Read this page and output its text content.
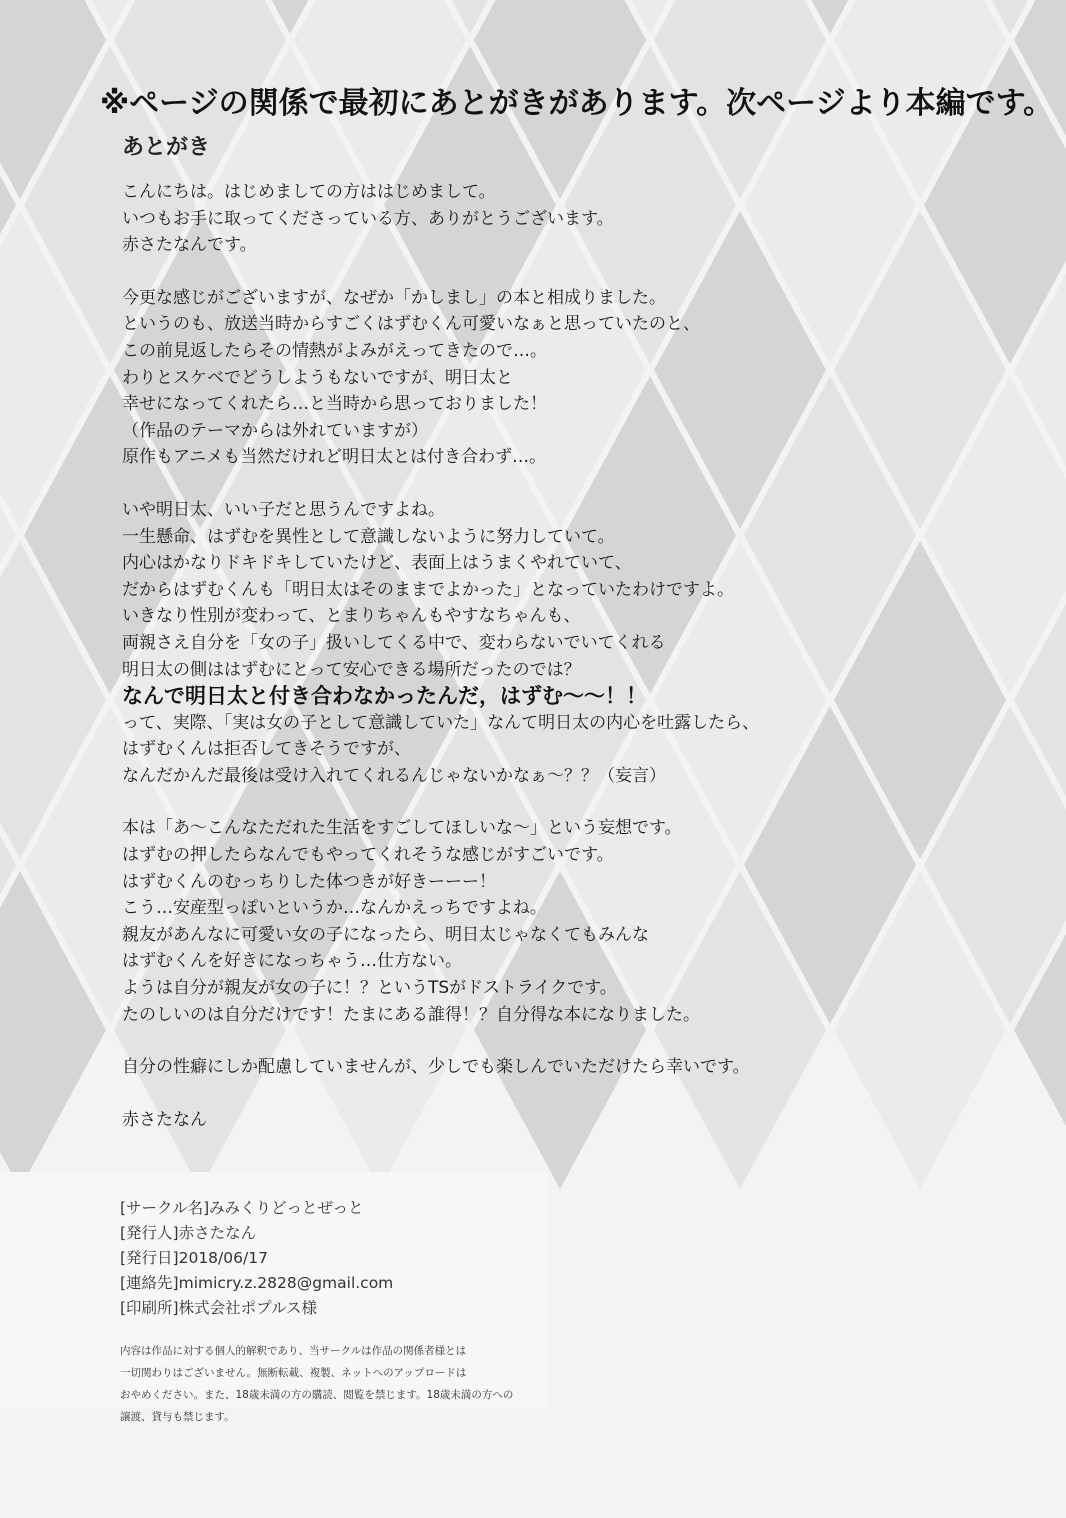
※ページの関係で最初にあとがきがあります。次ページより本編です。
あとがき
こんにちは。はじめましての方ははじめまして。
いつもお手に取ってくださっている方、ありがとうございます。
赤さたなんです。
今更な感じがございますが、なぜか「かしまし」の本と相成りました。
というのも、放送当時からすごくはずむくん可愛いなぁと思っていたのと、
この前見返したらその情熱がよみがえってきたので…。
わりとスケベでどうしようもないですが、明日太と
幸せになってくれたら…と当時から思っておりました！
（作品のテーマからは外れていますが）
原作もアニメも当然だけれど明日太とは付き合わず…。
いや明日太、いい子だと思うんですよね。
一生懸命、はずむを異性として意識しないように努力していて。
内心はかなりドキドキしていたけど、表面上はうまくやれていて、
だからはずむくんも「明日太はそのままでよかった」となっていたわけですよ。
いきなり性別が変わって、とまりちゃんもやすなちゃんも、
両親さえ自分を「女の子」扱いしてくる中で、変わらないでいてくれる
明日太の側ははずむにとって安心できる場所だったのでは？
なんで明日太と付き合わなかったんだ，はずむ～～！！
って、実際、「実は女の子として意識していた」なんて明日太の内心を吐露したら、
はずむくんは拒否してきそうですが、
なんだかんだ最後は受け入れてくれるんじゃないかなぁ～？？（妄言）
本は「あ～こんなただれた生活をすごしてほしいな～」という妄想です。
はずむの押したらなんでもやってくれそうな感じがすごいです。
はずむくんのむっちりした体つきが好きーーー！
こう…安産型っぽいというか…なんかえっちですよね。
親友があんなに可愛い女の子になったら、明日太じゃなくてもみんな
はずむくんを好きになっちゃう…仕方ない。
ようは自分が親友が女の子に！？というTSがドストライクです。
たのしいのは自分だけです！たまにある誰得！？自分得な本になりました。
自分の性癖にしか配慮していませんが、少しでも楽しんでいただけたら幸いです。
赤さたなん
[サークル名]みみくりどっとぜっと
[発行人]赤さたなん
[発行日]2018/06/17
[連絡先]mimicry.z.2828@gmail.com
[印刷所]株式会社ポプルス様
内容は作品に対する個人的解釈であり、当サークルは作品の関係者様とは
一切関わりはございません。無断転載、複製、ネットへのアップロードは
おやめください。また、18歳未満の方の購読、閲覧を禁じます。18歳未満の方への
譲渡、貸与も禁じます。
